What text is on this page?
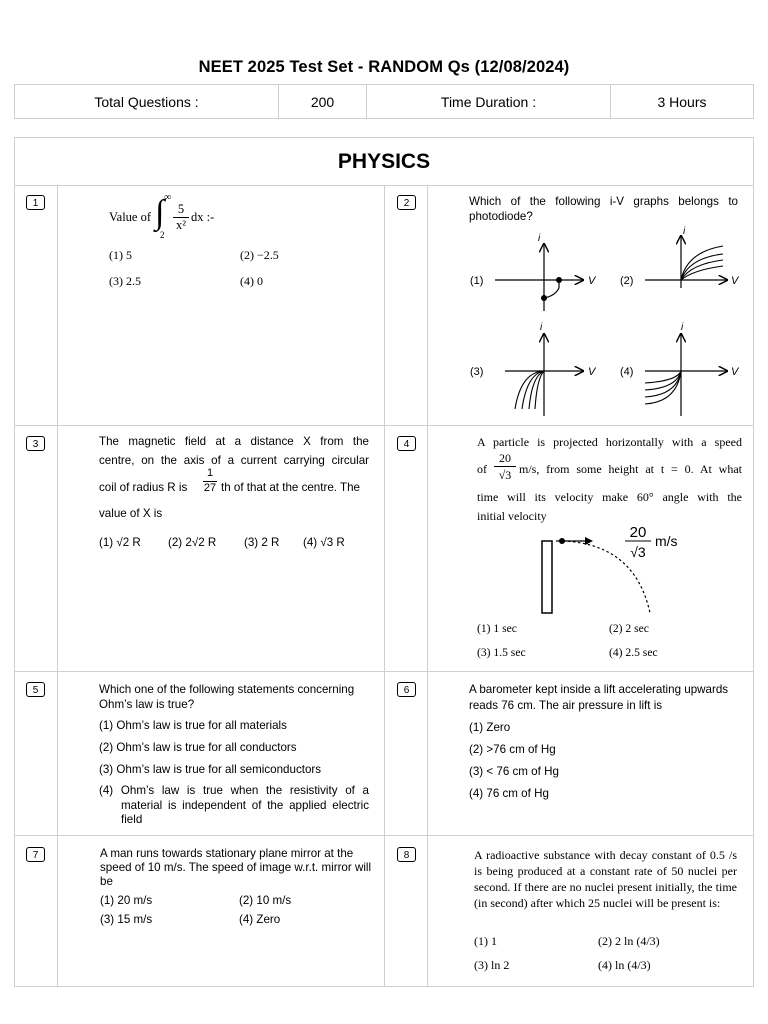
NEET 2025 Test Set - RANDOM Qs (12/08/2024)
Total Questions :	200	Time Duration :	3 Hours
PHYSICS
1
Value of ∫ ∞
2
5
x²
dx :-
(1) 5	(2) −2.5
(3) 2.5	(4) 0
2	Which of the following i-V graphs belongs to photodiode?
(1)
i
V (2)
i
V
(3)
i
V (4)
i
V
3	The magnetic field at a distance X from the
centre, on the axis of a current carrying circular
coil of radius R is
1
27 th of that at the centre. The
value of X is
(1) √2 R (2) 2√2 R (3) 2 R (4) √3 R
4	A particle is projected horizontally with a speed
of
20
√3 m/s, from some height at t = 0. At what
time will its velocity make 60° angle with the
initial velocity
20
√3
m/s
(1) 1 sec	(2) 2 sec
(3) 1.5 sec	(4) 2.5 sec
5	Which one of the following statements concerning Ohm’s law is true?
(1) Ohm’s law is true for all materials
(2) Ohm’s law is true for all conductors
(3) Ohm’s law is true for all semiconductors
(4) Ohm’s law is true when the resistivity of a material is independent of the applied electric field
6	A barometer kept inside a lift accelerating upwards reads 76 cm. The air pressure in lift is
(1) Zero
(2) >76 cm of Hg
(3) < 76 cm of Hg
(4) 76 cm of Hg
7	A man runs towards stationary plane mirror at the speed of 10 m/s. The speed of image w.r.t. mirror will be
(1) 20 m/s	(2) 10 m/s
(3) 15 m/s	(4) Zero
8	A radioactive substance with decay constant of 0.5 /s is being produced at a constant rate of 50 nuclei per second. If there are no nuclei present initially, the time (in second) after which 25 nuclei will be present is:
(1) 1	(2) 2 ln (4/3)
(3) ln 2	(4) ln (4/3)
